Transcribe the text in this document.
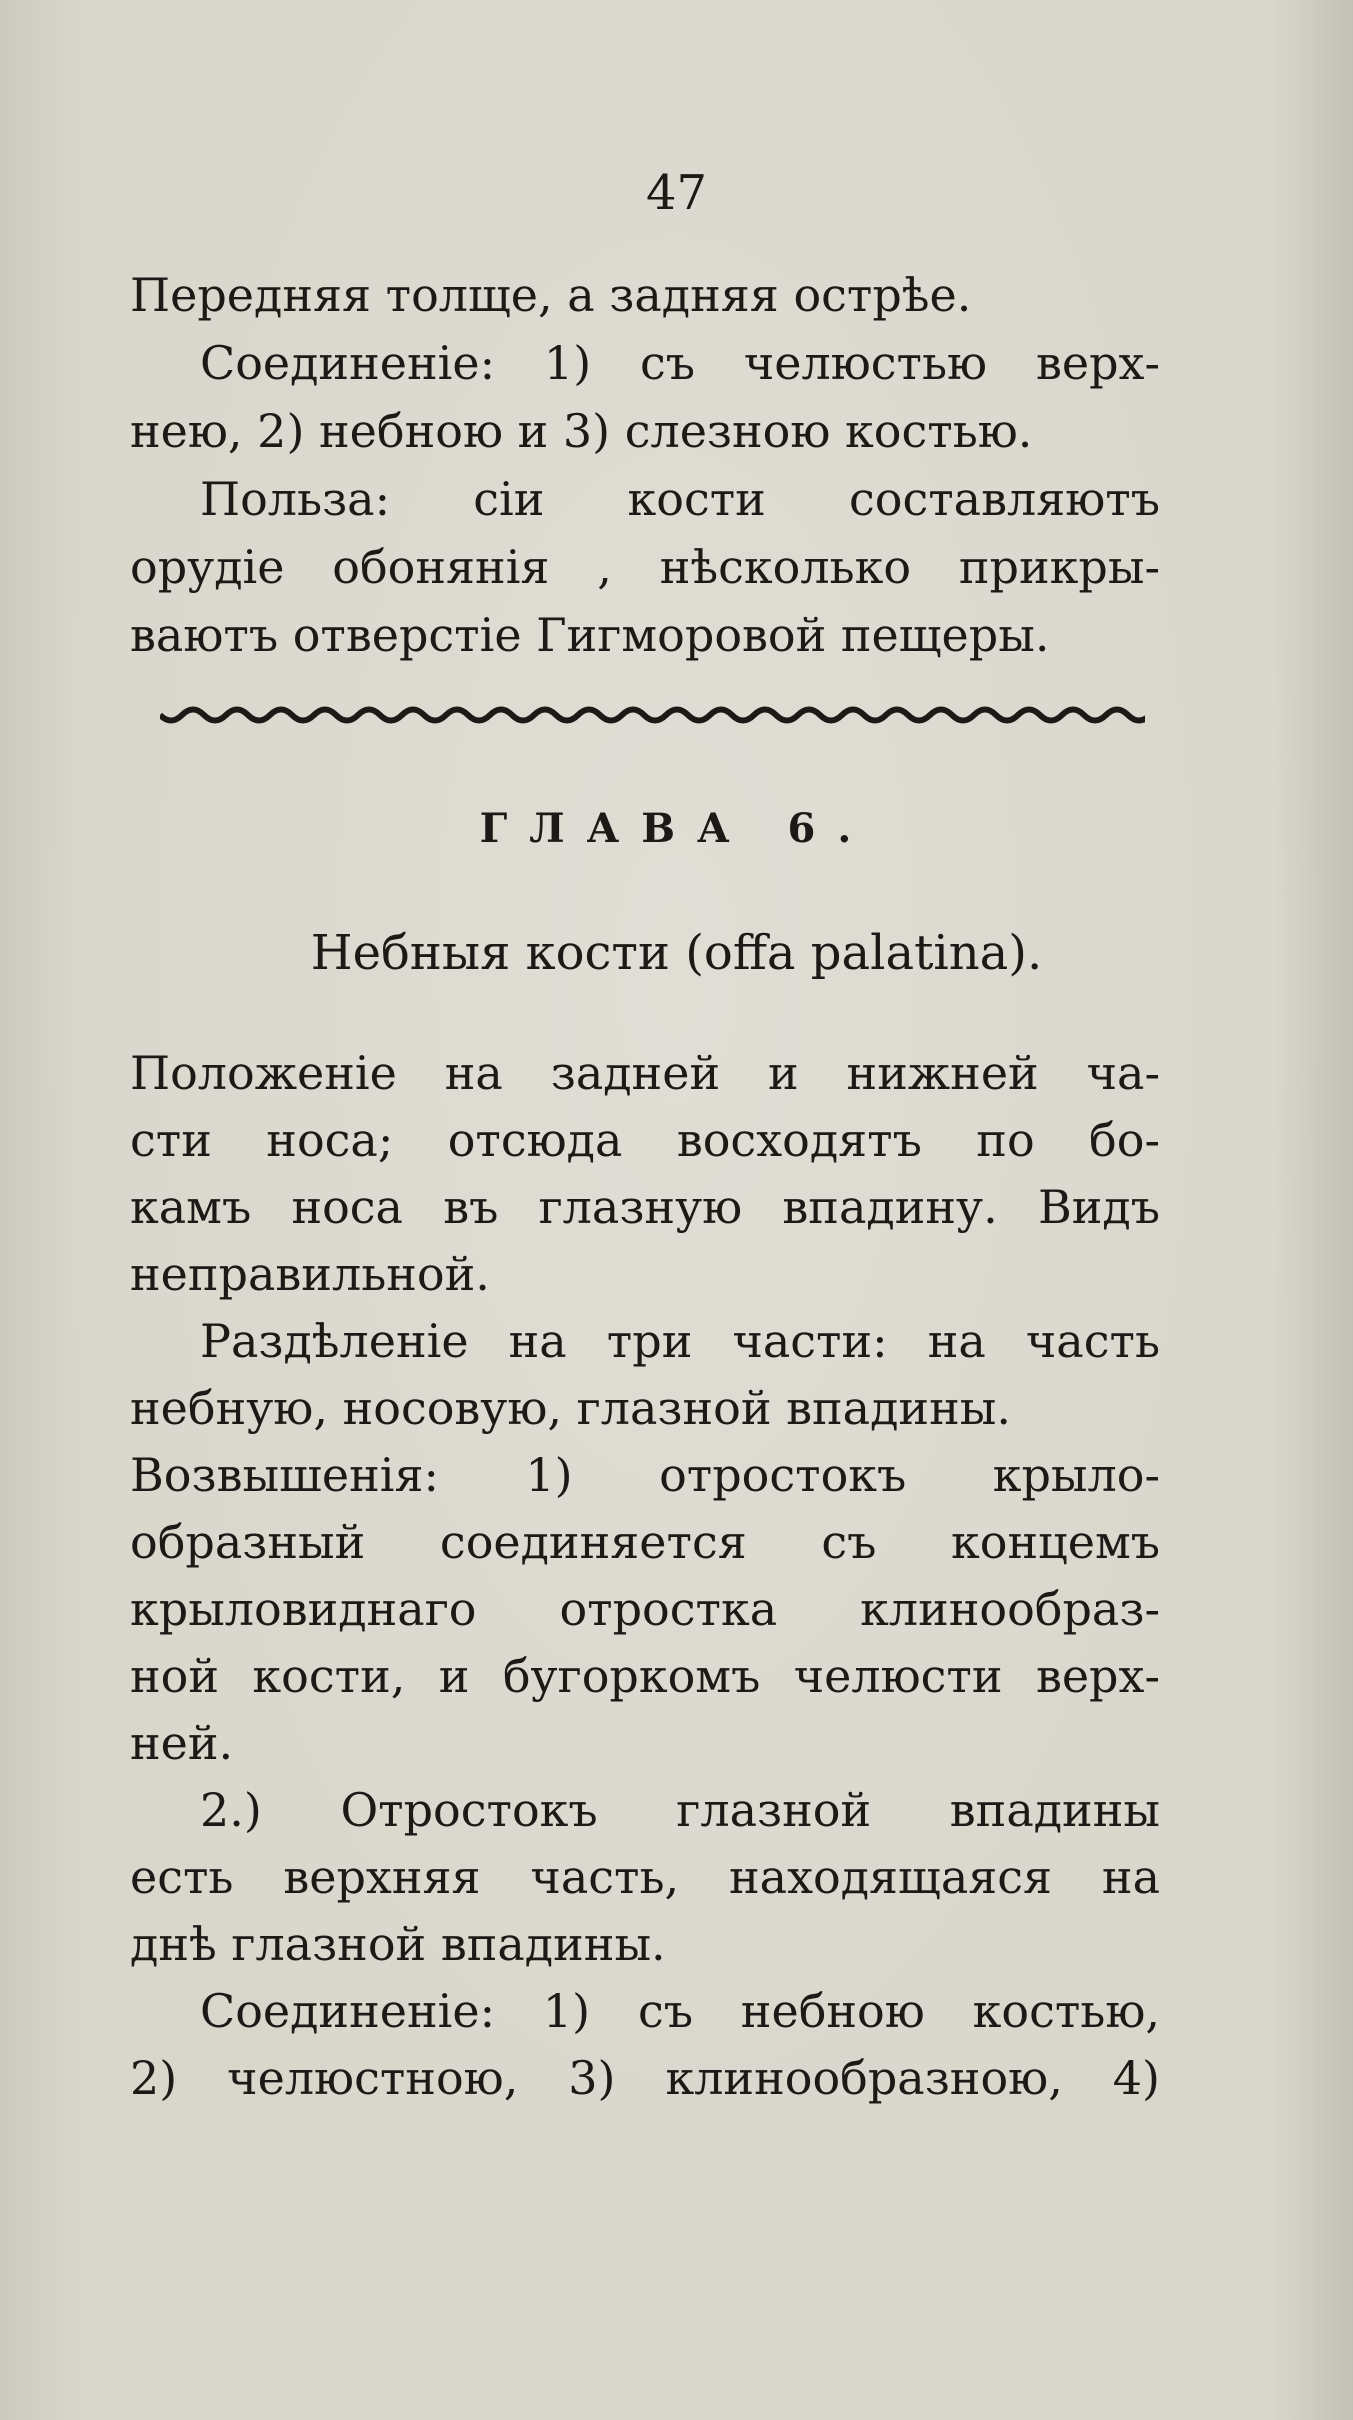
47
Передняя толще, а задняя острѣе.
Соединеніе: 1) съ челюстью верх-
нею, 2) небною и 3) слезною костью.
Польза: сіи кости составляютъ
орудіе обонянія , нѣсколько прикры-
ваютъ отверстіе Гигморовой пещеры.
ГЛАВА 6.
Небныя кости (offa palatina).
Положеніе на задней и нижней ча-
сти носа; отсюда восходятъ по бо-
камъ носа въ глазную впадину. Видъ
неправильной.
Раздѣленіе на три части: на часть
небную, носовую, глазной впадины.
Возвышенія: 1) отростокъ крыло-
образный соединяется съ концемъ
крыловиднаго отростка клинообраз-
ной кости, и бугоркомъ челюсти верх-
ней.
2.) Отростокъ глазной впадины
есть верхняя часть, находящаяся на
днѣ глазной впадины.
Соединеніе: 1) съ небною костью,
2) челюстною, 3) клинообразною, 4)
